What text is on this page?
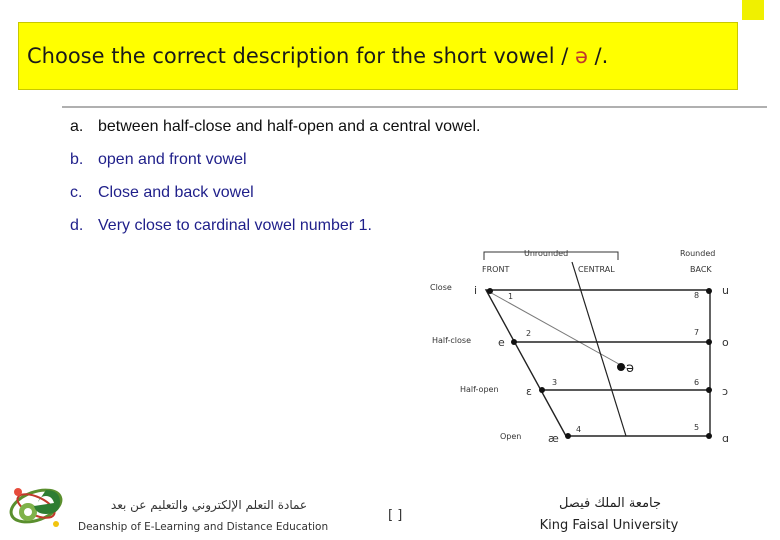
Choose the correct description for the short vowel / ə /.
a. between half-close and half-open and a central vowel.
b. open and front vowel
c. Close and back vowel
d. Very close to cardinal vowel number 1.
Unrounded	Rounded
FRONT	CENTRAL	BACK
Close
Half-close
Half-open
Open
ə
i
e
ɛ
æ
u
o
ɔ
ɑ
1
2
3
4
8
7
6
5
عمادة التعلم الإلكتروني والتعليم عن بعد
Deanship of E-Learning and Distance Education
[ ]
جامعة الملك فيصل
King Faisal University
